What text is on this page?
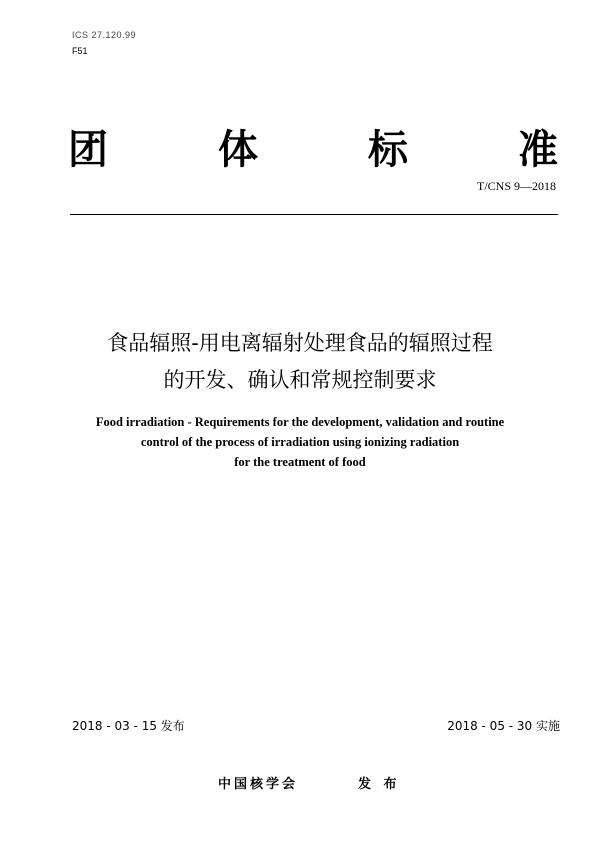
ICS 27.120.99
F51
团	体	标	准
T/CNS 9—2018
食品辐照-用电离辐射处理食品的辐照过程
的开发、确认和常规控制要求
Food irradiation - Requirements for the development, validation and routine
control of the process of irradiation using ionizing radiation
for the treatment of food
2018 - 03 - 15 发布	2018 - 05 - 30 实施
中国核学会	发 布
